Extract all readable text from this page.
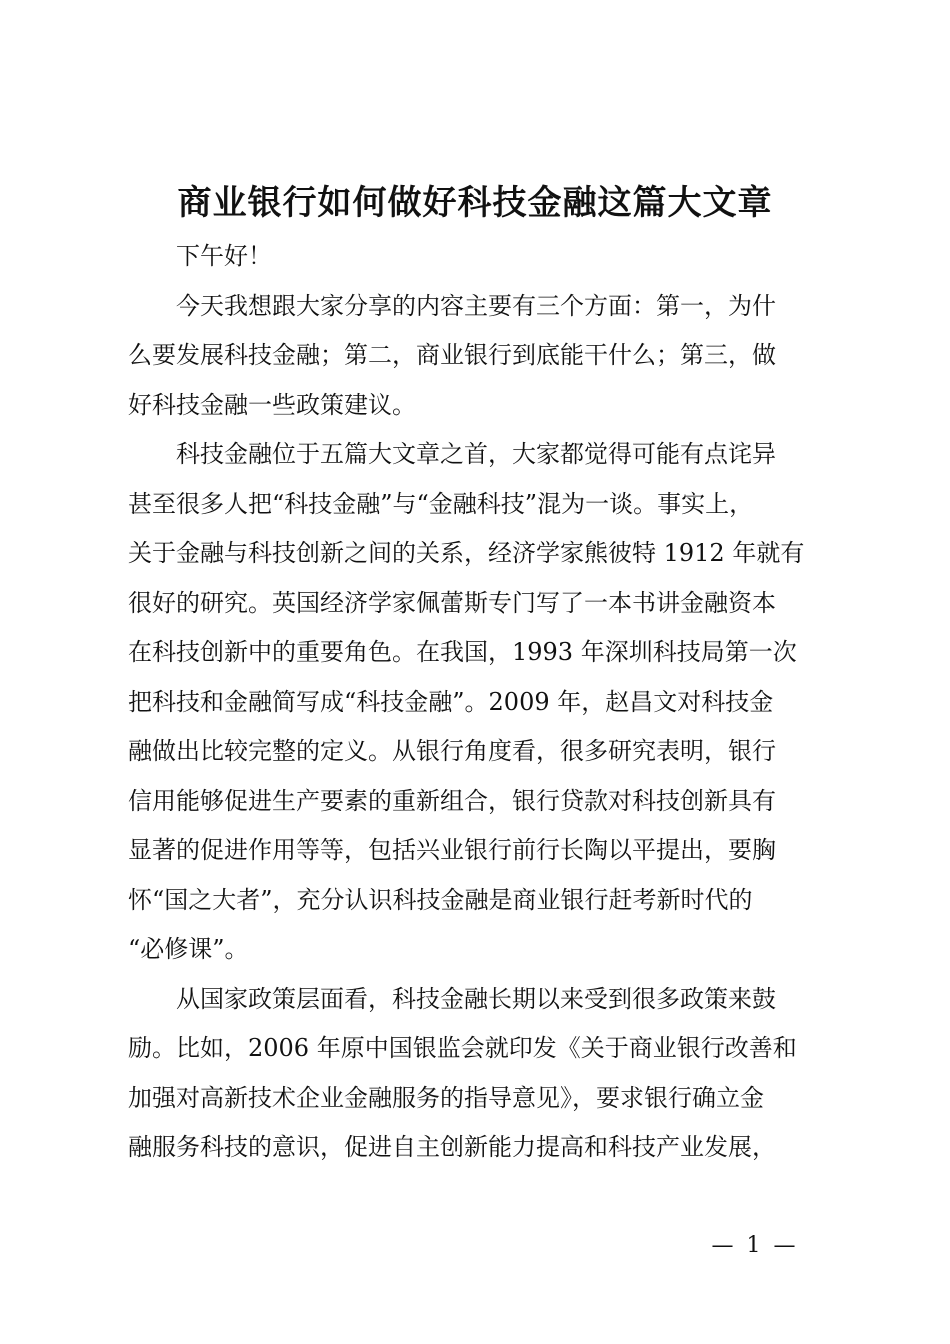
商业银行如何做好科技金融这篇大文章

下午好！

今天我想跟大家分享的内容主要有三个方面：第一，为什
么要发展科技金融；第二，商业银行到底能干什么；第三，做
好科技金融一些政策建议。

科技金融位于五篇大文章之首，大家都觉得可能有点诧异
甚至很多人把“科技金融”与“金融科技”混为一谈。事实上，
关于金融与科技创新之间的关系，经济学家熊彼特 1912 年就有
很好的研究。英国经济学家佩蕾斯专门写了一本书讲金融资本
在科技创新中的重要角色。在我国，1993 年深圳科技局第一次
把科技和金融简写成“科技金融”。2009 年，赵昌文对科技金
融做出比较完整的定义。从银行角度看，很多研究表明，银行
信用能够促进生产要素的重新组合，银行贷款对科技创新具有
显著的促进作用等等，包括兴业银行前行长陶以平提出，要胸
怀“国之大者”，充分认识科技金融是商业银行赶考新时代的
“必修课”。

从国家政策层面看，科技金融长期以来受到很多政策来鼓
励。比如，2006 年原中国银监会就印发《关于商业银行改善和
加强对高新技术企业金融服务的指导意见》，要求银行确立金
融服务科技的意识，促进自主创新能力提高和科技产业发展，

— 1 —
